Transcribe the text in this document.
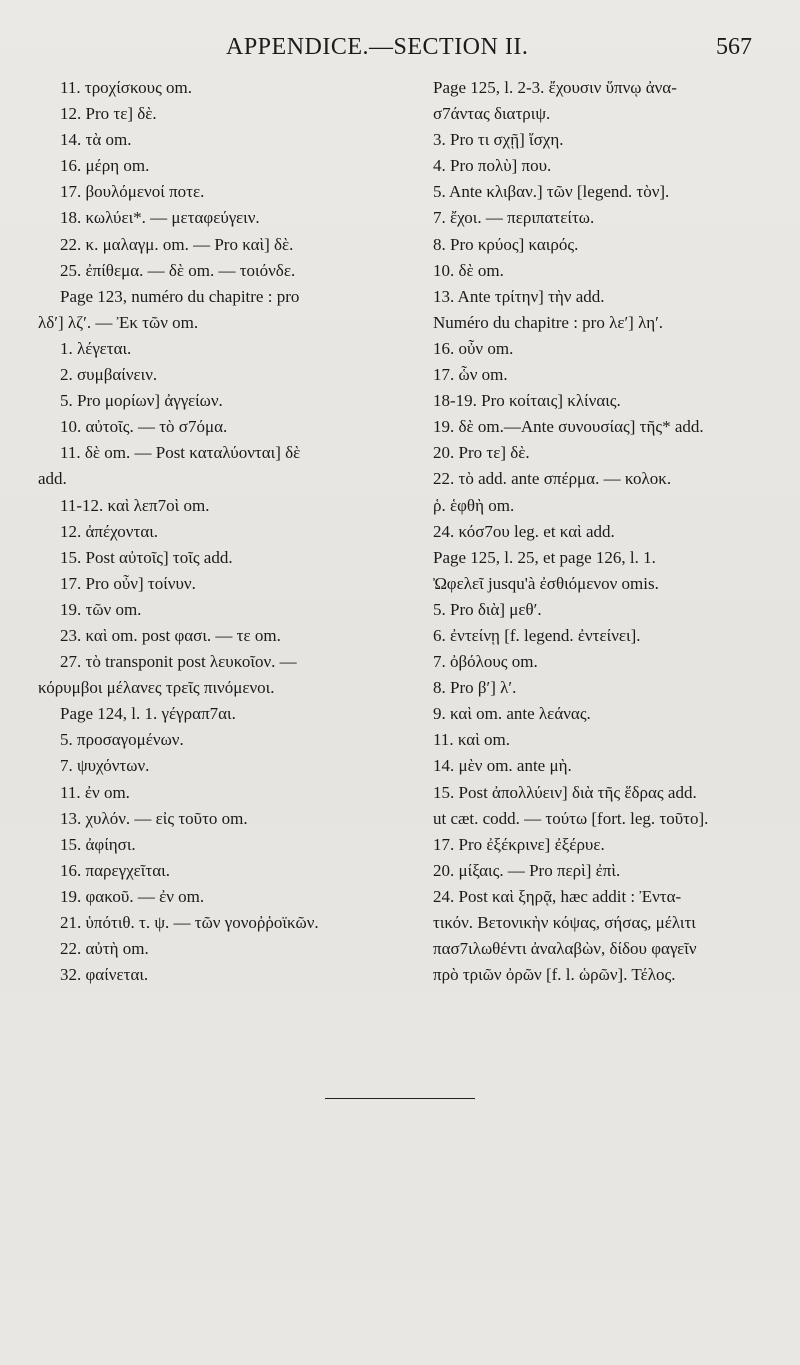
APPENDICE.—SECTION II.	567
11. τροχίσκους om.
12. Pro τε] δὲ.
14. τὰ om.
16. μέρη om.
17. βουλόμενοί ποτε.
18. κωλύει*. — μεταφεύγειν.
22. κ. μαλαγμ. om. — Pro καὶ] δὲ.
25. ἐπίθεμα. — δὲ om. — τοιόνδε.
Page 123, numéro du chapitre : pro
λδ′] λζ′. — Ἐκ τῶν om.
1. λέγεται.
2. συμβαίνειν.
5. Pro μορίων] ἀγγείων.
10. αὐτοῖς. — τὸ σ7όμα.
11. δὲ om. — Post καταλύονται] δὲ
add.
11-12. καὶ λεπ7οὶ om.
12. ἀπέχονται.
15. Post αὐτοῖς] τοῖς add.
17. Pro οὖν] τοίνυν.
19. τῶν om.
23. καὶ om. post φασι. — τε om.
27. τὸ transponit post λευκοῖον. —
κόρυμβοι μέλανες τρεῖς πινόμενοι.
Page 124, l. 1. γέγραπ7αι.
5. προσαγομένων.
7. ψυχόντων.
11. ἐν om.
13. χυλόν. — εἰς τοῦτο om.
15. ἀφίησι.
16. παρεγχεῖται.
19. φακοῦ. — ἐν om.
21. ὑπότιθ. τ. ψ. — τῶν γονοῤῥοϊκῶν.
22. αὐτὴ om.
32. φαίνεται.
Page 125, l. 2-3. ἔχουσιν ὕπνῳ ἀνα-
σ7άντας διατριψ.
3. Pro τι σχῇ] ἴσχη.
4. Pro πολὺ] που.
5. Ante κλιβαν.] τῶν [legend. τὸν].
7. ἔχοι. — περιπατείτω.
8. Pro κρύος] καιρός.
10. δὲ om.
13. Ante τρίτην] τὴν add.
Numéro du chapitre : pro λε′] λη′.
16. οὖν om.
17. ὧν om.
18-19. Pro κοίταις] κλίναις.
19. δὲ om.—Ante συνουσίας] τῆς* add.
20. Pro τε] δὲ.
22. τὸ add. ante σπέρμα. — κολοκ.
ῥ. ἑφθὴ om.
24. κόσ7ου leg. et καὶ add.
Page 125, l. 25, et page 126, l. 1.
Ὠφελεῖ jusqu'à ἐσθιόμενον omis.
5. Pro διὰ] μεθ′.
6. ἐντείνῃ [f. legend. ἐντείνει].
7. ὀβόλους om.
8. Pro β′] λ′.
9. καὶ om. ante λεάνας.
11. καὶ om.
14. μὲν om. ante μὴ.
15. Post ἀπολλύειν] διὰ τῆς ἕδρας add.
ut cæt. codd. — τούτω [fort. leg. τοῦτο].
17. Pro ἐξέκρινε] ἐξέρυε.
20. μίξαις. — Pro περὶ] ἐπὶ.
24. Post καὶ ξηρᾷ, hæc addit : Ἐντα-
τικόν. Βετονικὴν κόψας, σήσας, μέλιτι
πασ7ιλωθέντι ἀναλαβὼν, δίδου φαγεῖν
πρὸ τριῶν ὀρῶν [f. l. ὡρῶν]. Τέλος.
